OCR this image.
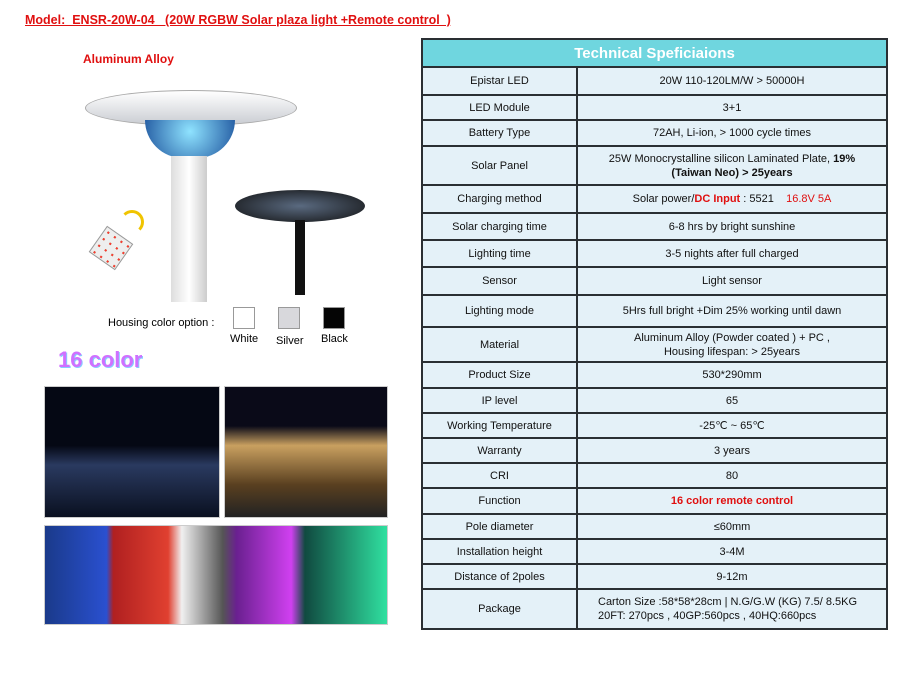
Model:  ENSR-20W-04   (20W RGBW Solar plaza light +Remote control  )
Aluminum Alloy
Housing color option :
White Silver Black
16 color
Technical Speficiaions	
Epistar LED	20W 110-120LM/W > 50000H
LED Module	3+1
Battery Type	72AH, Li-ion, > 1000 cycle times
Solar Panel	25W Monocrystalline silicon Laminated Plate, 19%
(Taiwan Neo) > 25years
Charging method	Solar power/DC Input : 5521    16.8V 5A
Solar charging time	6-8 hrs by bright sunshine
Lighting time	3-5 nights after full charged
Sensor	Light sensor
Lighting mode	5Hrs full bright +Dim 25% working until dawn
Material	Aluminum Alloy (Powder coated ) + PC ,
Housing lifespan: > 25years
Product Size	530*290mm
IP level	65
Working Temperature	-25℃ ~ 65℃
Warranty	3 years
CRI	80
Function	16 color remote control
Pole diameter	≤60mm
Installation height	3-4M
Distance of 2poles	9-12m
Package	Carton Size :58*58*28cm | N.G/G.W (KG) 7.5/ 8.5KG
20FT: 270pcs , 40GP:560pcs , 40HQ:660pcs
